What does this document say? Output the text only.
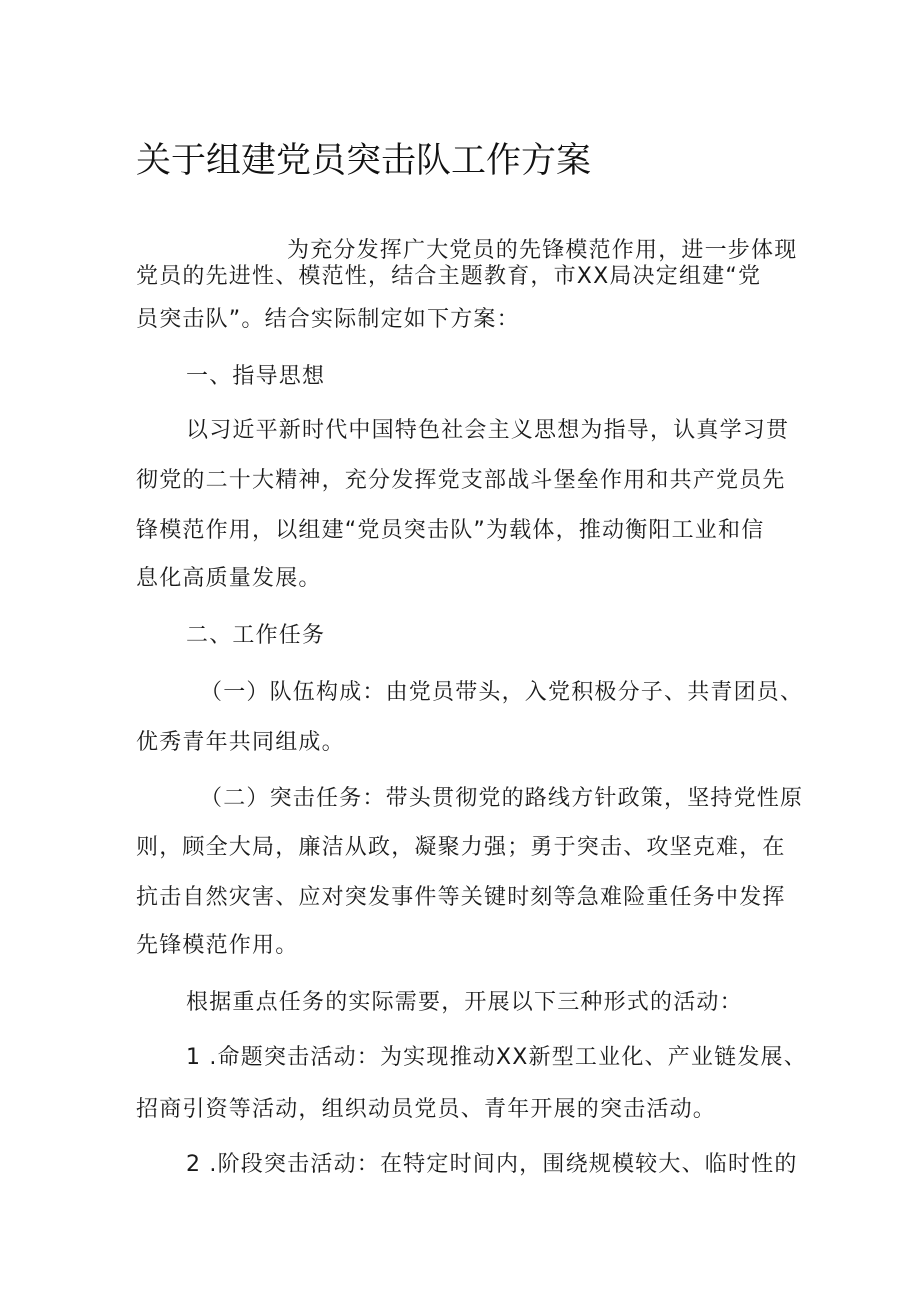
关于组建党员突击队工作方案
为充分发挥广大党员的先锋模范作用，进一步体现
党员的先进性、模范性，结合主题教育，市XX局决定组建“党
员突击队”。结合实际制定如下方案：
一、指导思想
以习近平新时代中国特色社会主义思想为指导，认真学习贯
彻党的二十大精神，充分发挥党支部战斗堡垒作用和共产党员先
锋模范作用，以组建“党员突击队”为载体，推动衡阳工业和信
息化高质量发展。
二、工作任务
（一）队伍构成：由党员带头，入党积极分子、共青团员、
优秀青年共同组成。
（二）突击任务：带头贯彻党的路线方针政策，坚持党性原
则，顾全大局，廉洁从政，凝聚力强；勇于突击、攻坚克难，在
抗击自然灾害、应对突发事件等关键时刻等急难险重任务中发挥
先锋模范作用。
根据重点任务的实际需要，开展以下三种形式的活动：
1 .命题突击活动：为实现推动XX新型工业化、产业链发展、
招商引资等活动，组织动员党员、青年开展的突击活动。
2 .阶段突击活动：在特定时间内，围绕规模较大、临时性的
